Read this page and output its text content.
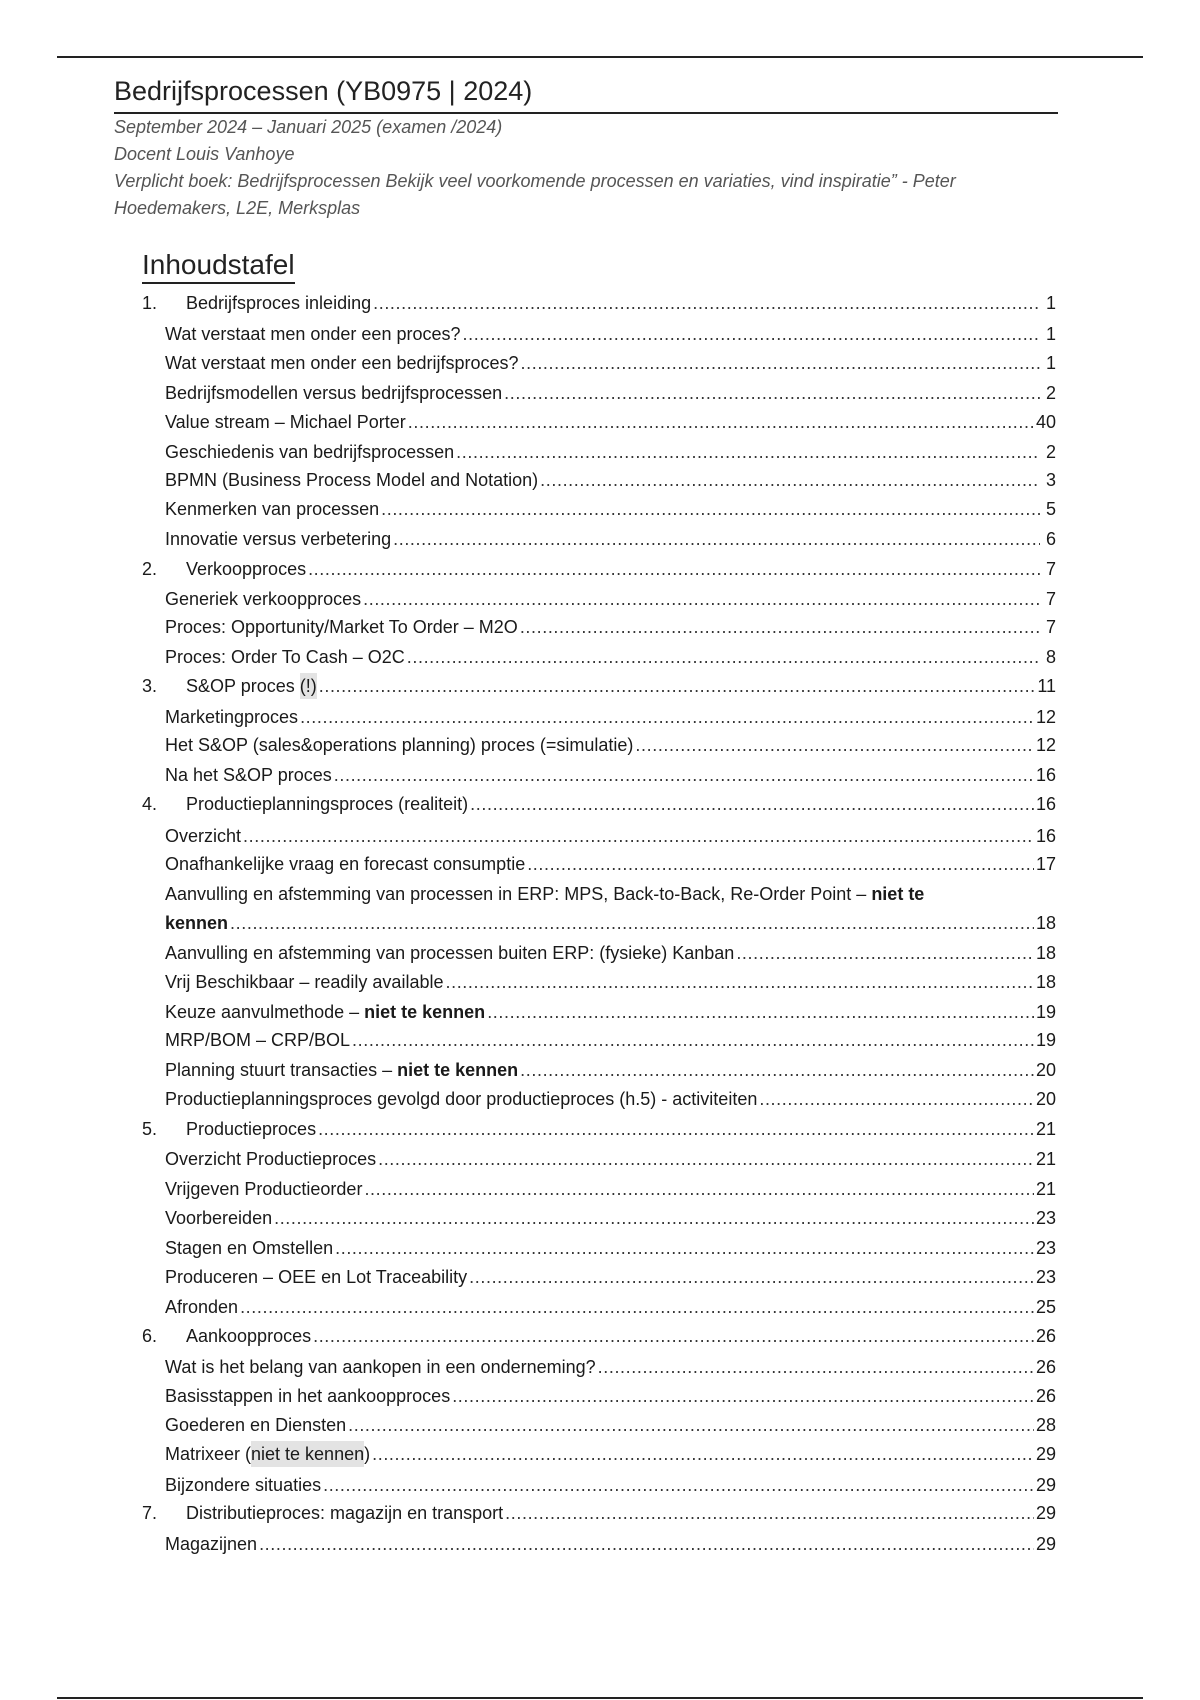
Bedrijfsprocessen (YB0975 | 2024)
September 2024 – Januari 2025 (examen /2024)
Docent Louis Vanhoye
Verplicht boek: Bedrijfsprocessen Bekijk veel voorkomende processen en variaties, vind inspiratie” - Peter
Hoedemakers, L2E, Merksplas
Inhoudstafel
1.	Bedrijfsproces inleiding . . .	1
Wat verstaat men onder een proces? . . .	1
Wat verstaat men onder een bedrijfsproces? . . .	1
Bedrijfsmodellen versus bedrijfsprocessen . . .	2
Value stream – Michael Porter . . .	40
Geschiedenis van bedrijfsprocessen . . .	2
BPMN (Business Process Model and Notation) . . .	3
Kenmerken van processen . . .	5
Innovatie versus verbetering . . .	6
2.	Verkoopproces . . .	7
Generiek verkoopproces . . .	7
Proces: Opportunity/Market To Order – M2O . . .	7
Proces: Order To Cash – O2C . . .	8
3.	S&OP proces (!) . . .	11
Marketingproces . . .	12
Het S&OP (sales&operations planning) proces (=simulatie) . . .	12
Na het S&OP proces . . .	16
4.	Productieplanningsproces (realiteit) . . .	16
Overzicht . . .	16
Onafhankelijke vraag en forecast consumptie . . .	17
Aanvulling en afstemming van processen in ERP: MPS, Back-to-Back, Re-Order Point – niet te
kennen . . .	18
Aanvulling en afstemming van processen buiten ERP: (fysieke) Kanban . . .	18
Vrij Beschikbaar – readily available . . .	18
Keuze aanvulmethode – niet te kennen . . .	19
MRP/BOM – CRP/BOL . . .	19
Planning stuurt transacties – niet te kennen . . .	20
Productieplanningsproces gevolgd door productieproces (h.5) - activiteiten . . .	20
5.	Productieproces . . .	21
Overzicht Productieproces . . .	21
Vrijgeven Productieorder . . .	21
Voorbereiden . . .	23
Stagen en Omstellen . . .	23
Produceren – OEE en Lot Traceability . . .	23
Afronden . . .	25
6.	Aankoopproces . . .	26
Wat is het belang van aankopen in een onderneming? . . .	26
Basisstappen in het aankoopproces . . .	26
Goederen en Diensten . . .	28
Matrixeer ( niet te kennen ) . . .	29
Bijzondere situaties . . .	29
7.	Distributieproces: magazijn en transport . . .	29
Magazijnen . . .	29
